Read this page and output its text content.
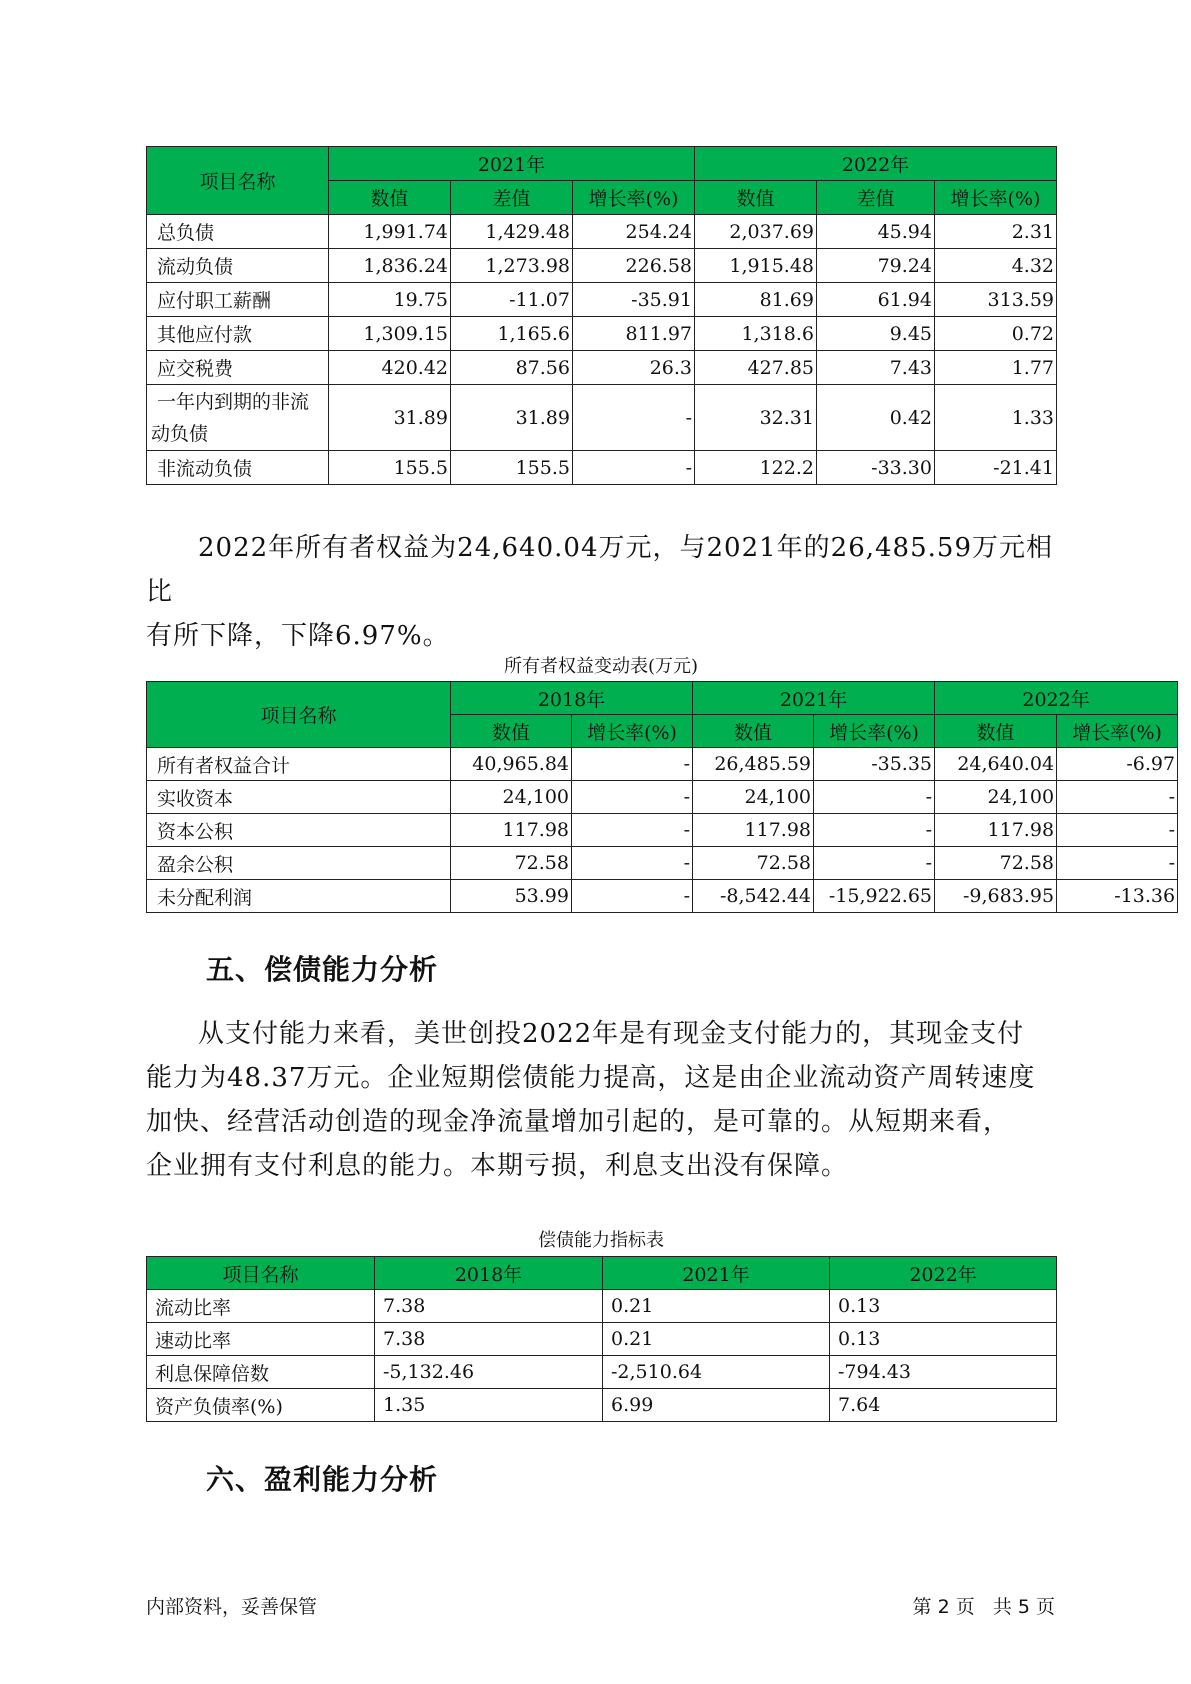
项目名称	2021年			2022年		
	数值	差值	增长率(%)	数值	差值	增长率(%)
总负债	1,991.74	1,429.48	254.24	2,037.69	45.94	2.31
流动负债	1,836.24	1,273.98	226.58	1,915.48	79.24	4.32
应付职工薪酬	19.75	-11.07	-35.91	81.69	61.94	313.59
其他应付款	1,309.15	1,165.6	811.97	1,318.6	9.45	0.72
应交税费	420.42	87.56	26.3	427.85	7.43	1.77

一年内到期的非流
动负债	31.89	31.89	-	32.31	0.42	1.33
非流动负债	155.5	155.5	-	122.2	-33.30	-21.41

2022年所有者权益为24,640.04万元，与2021年的26,485.59万元相比

有所下降，下降6.97%。

所有者权益变动表(万元)
项目名称	2018年		2021年		2022年	
	数值	增长率(%)	数值	增长率(%)	数值	增长率(%)
所有者权益合计	40,965.84	-	26,485.59	-35.35	24,640.04	-6.97
实收资本	24,100	-	24,100	-	24,100	-
资本公积	117.98	-	117.98	-	117.98	-
盈余公积	72.58	-	72.58	-	72.58	-
未分配利润	53.99	-	-8,542.44	-15,922.65	-9,683.95	-13.36
五、偿债能力分析

从支付能力来看，美世创投2022年是有现金支付能力的，其现金支付

能力为48.37万元。企业短期偿债能力提高，这是由企业流动资产周转速度

加快、经营活动创造的现金净流量增加引起的，是可靠的。从短期来看，

企业拥有支付利息的能力。本期亏损，利息支出没有保障。

偿债能力指标表
项目名称	2018年	2021年	2022年
流动比率	7.38	0.21	0.13
速动比率	7.38	0.21	0.13
利息保障倍数	-5,132.46	-2,510.64	-794.43
资产负债率(%)	1.35	6.99	7.64
六、盈利能力分析
内部资料，妥善保管	第 2 页   共 5 页
